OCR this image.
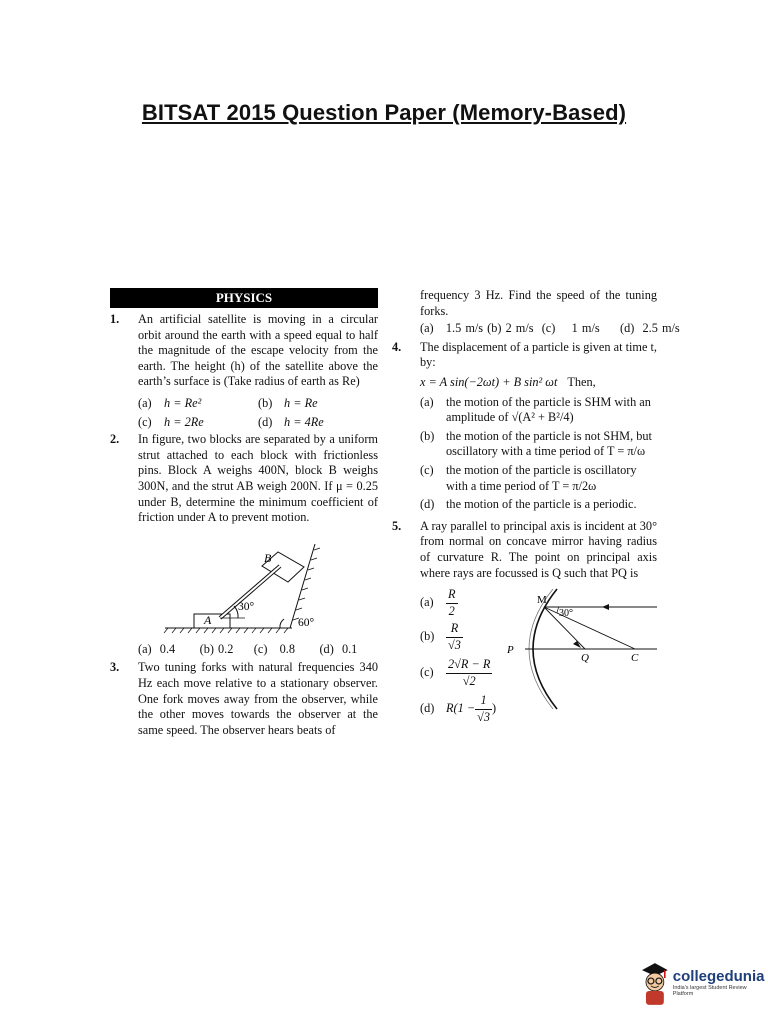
BITSAT 2015 Question Paper (Memory-Based)
PHYSICS
1.	An artificial satellite is moving in a circular orbit around the earth with a speed equal to half the magnitude of the escape velocity from the earth. The height (h) of the satellite above the earth’s surface is (Take radius of earth as Re)
(a)	h = Re²	(b) h = Re
(c)	h = 2Re	(d) h = 4Re
2.	In figure, two blocks are separated by a uniform strut attached to each block with frictionless pins. Block A weighs 400N, block B weighs 300N, and the strut AB weigh 200N. If μ = 0.25 under B, determine the minimum coefficient of friction under A to prevent motion.
A
B
30°
60°
(a)  0.4      (b) 0.2     (c)   0.8      (d)  0.1
3.	Two tuning forks with natural frequencies 340 Hz each move relative to a stationary observer. One fork moves away from the observer, while the other moves towards the observer at the same speed. The observer hears beats of
frequency 3 Hz. Find the speed of the tuning forks.
(a)   1.5 m/s (b) 2 m/s  (c)    1 m/s     (d)  2.5 m/s
4.	The displacement of a particle is given at time t, by:
x = A sin(−2ωt) + B sin² ωt Then,
(a)	the motion of the particle is SHM with an amplitude of √(A² + B²/4)
(b) the motion of the particle is not SHM, but oscillatory with a time period of T = π/ω
(c)	the motion of the particle is oscillatory with a time period of T = π/2ω
(d) the motion of the particle is a periodic.
5.	A ray parallel to principal axis is incident at 30° from normal on concave mirror having radius of curvature R. The point on principal axis where rays are focussed is Q such that PQ is
(a)	$\frac{R}{2}$
$(b) \frac{R}{√3}$
(c)	$\frac{2√R - R}{√2}$
(d) $R(1 - \frac{1}{√3}$ )
M
30°
P
Q	C
collegedunia
India's largest Student Review Platform
